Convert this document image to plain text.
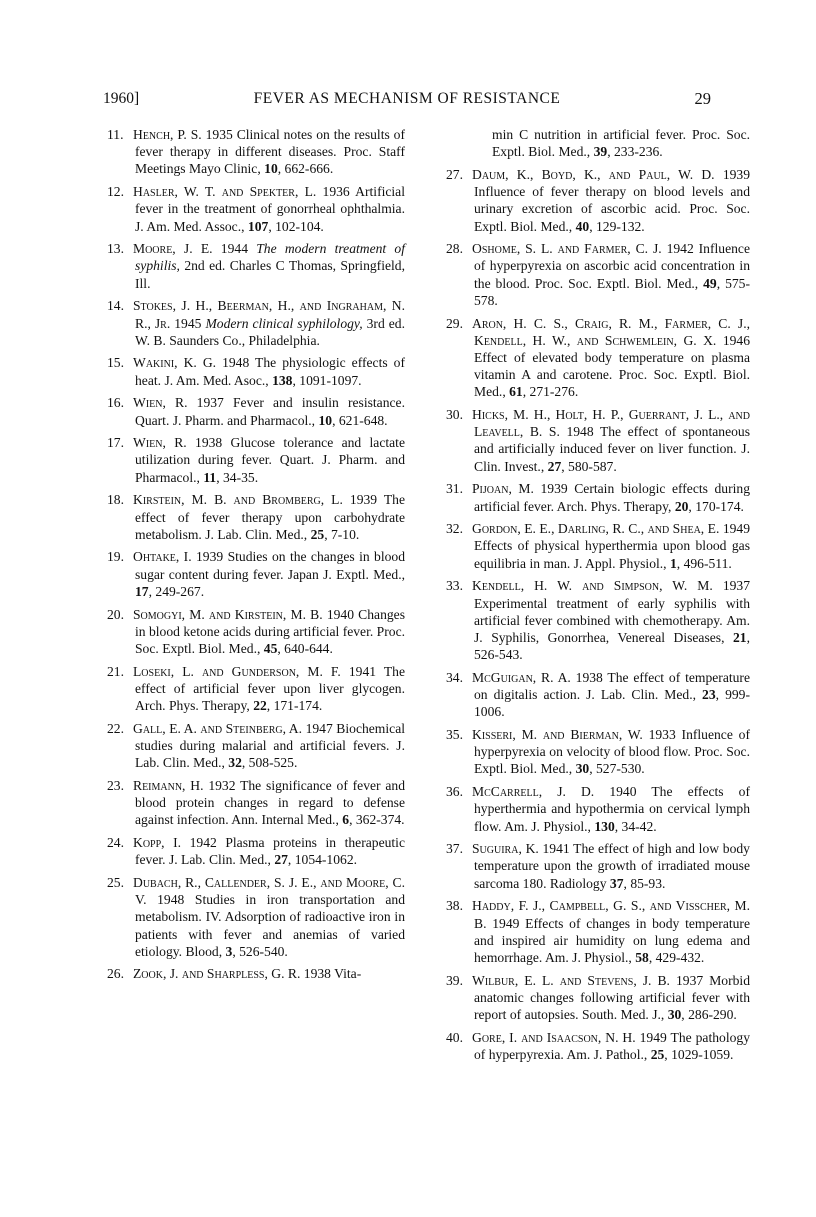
1960]	FEVER AS MECHANISM OF RESISTANCE	29

11. Hench, P. S. 1935 Clinical notes on the results of fever therapy in different diseases. Proc. Staff Meetings Mayo Clinic, 10, 662-666.

12. Hasler, W. T. and Spekter, L. 1936 Artificial fever in the treatment of gonorrheal ophthalmia. J. Am. Med. Assoc., 107, 102-104.

13. Moore, J. E. 1944 The modern treatment of syphilis, 2nd ed. Charles C Thomas, Springfield, Ill.

14. Stokes, J. H., Beerman, H., and Ingraham, N. R., Jr. 1945 Modern clinical syphilology, 3rd ed. W. B. Saunders Co., Philadelphia.

15. Wakini, K. G. 1948 The physiologic effects of heat. J. Am. Med. Asoc., 138, 1091-1097.

16. Wien, R. 1937 Fever and insulin resistance. Quart. J. Pharm. and Pharmacol., 10, 621-648.

17. Wien, R. 1938 Glucose tolerance and lactate utilization during fever. Quart. J. Pharm. and Pharmacol., 11, 34-35.

18. Kirstein, M. B. and Bromberg, L. 1939 The effect of fever therapy upon carbohydrate metabolism. J. Lab. Clin. Med., 25, 7-10.

19. Ohtake, I. 1939 Studies on the changes in blood sugar content during fever. Japan J. Exptl. Med., 17, 249-267.

20. Somogyi, M. and Kirstein, M. B. 1940 Changes in blood ketone acids during artificial fever. Proc. Soc. Exptl. Biol. Med., 45, 640-644.

21. Loseki, L. and Gunderson, M. F. 1941 The effect of artificial fever upon liver glycogen. Arch. Phys. Therapy, 22, 171-174.

22. Gall, E. A. and Steinberg, A. 1947 Biochemical studies during malarial and artificial fevers. J. Lab. Clin. Med., 32, 508-525.

23. Reimann, H. 1932 The significance of fever and blood protein changes in regard to defense against infection. Ann. Internal Med., 6, 362-374.

24. Kopp, I. 1942 Plasma proteins in therapeutic fever. J. Lab. Clin. Med., 27, 1054-1062.

25. Dubach, R., Callender, S. J. E., and Moore, C. V. 1948 Studies in iron transportation and metabolism. IV. Adsorption of radioactive iron in patients with fever and anemias of varied etiology. Blood, 3, 526-540.

26. Zook, J. and Sharpless, G. R. 1938 Vita-

min C nutrition in artificial fever. Proc. Soc. Exptl. Biol. Med., 39, 233-236.

27. Daum, K., Boyd, K., and Paul, W. D. 1939 Influence of fever therapy on blood levels and urinary excretion of ascorbic acid. Proc. Soc. Exptl. Biol. Med., 40, 129-132.

28. Oshome, S. L. and Farmer, C. J. 1942 Influence of hyperpyrexia on ascorbic acid concentration in the blood. Proc. Soc. Exptl. Biol. Med., 49, 575-578.

29. Aron, H. C. S., Craig, R. M., Farmer, C. J., Kendell, H. W., and Schwemlein, G. X. 1946 Effect of elevated body temperature on plasma vitamin A and carotene. Proc. Soc. Exptl. Biol. Med., 61, 271-276.

30. Hicks, M. H., Holt, H. P., Guerrant, J. L., and Leavell, B. S. 1948 The effect of spontaneous and artificially induced fever on liver function. J. Clin. Invest., 27, 580-587.

31. Pijoan, M. 1939 Certain biologic effects during artificial fever. Arch. Phys. Therapy, 20, 170-174.

32. Gordon, E. E., Darling, R. C., and Shea, E. 1949 Effects of physical hyperthermia upon blood gas equilibria in man. J. Appl. Physiol., 1, 496-511.

33. Kendell, H. W. and Simpson, W. M. 1937 Experimental treatment of early syphilis with artificial fever combined with chemotherapy. Am. J. Syphilis, Gonorrhea, Venereal Diseases, 21, 526-543.

34. McGuigan, R. A. 1938 The effect of temperature on digitalis action. J. Lab. Clin. Med., 23, 999-1006.

35. Kisseri, M. and Bierman, W. 1933 Influence of hyperpyrexia on velocity of blood flow. Proc. Soc. Exptl. Biol. Med., 30, 527-530.

36. McCarrell, J. D. 1940 The effects of hyperthermia and hypothermia on cervical lymph flow. Am. J. Physiol., 130, 34-42.

37. Suguira, K. 1941 The effect of high and low body temperature upon the growth of irradiated mouse sarcoma 180. Radiology 37, 85-93.

38. Haddy, F. J., Campbell, G. S., and Visscher, M. B. 1949 Effects of changes in body temperature and inspired air humidity on lung edema and hemorrhage. Am. J. Physiol., 58, 429-432.

39. Wilbur, E. L. and Stevens, J. B. 1937 Morbid anatomic changes following artificial fever with report of autopsies. South. Med. J., 30, 286-290.

40. Gore, I. and Isaacson, N. H. 1949 The pathology of hyperpyrexia. Am. J. Pathol., 25, 1029-1059.
